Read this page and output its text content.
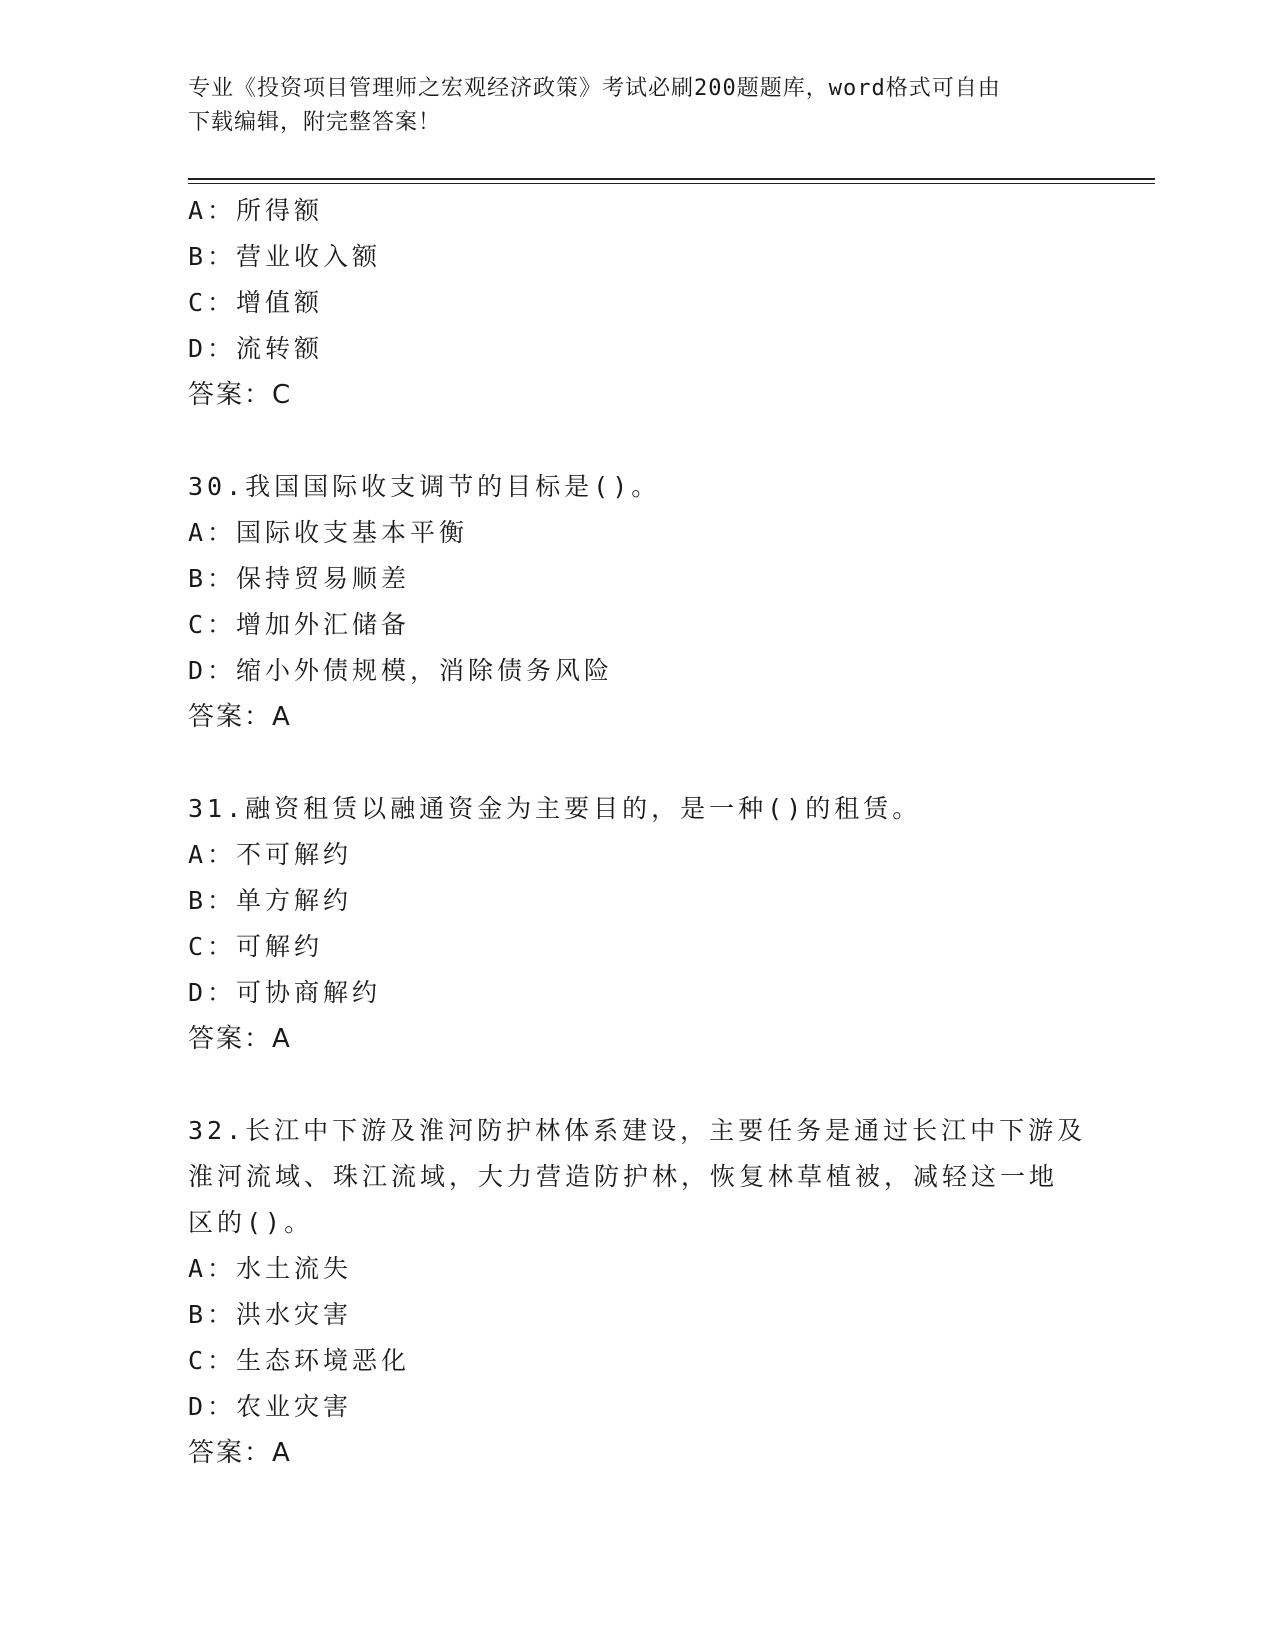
专业《投资项目管理师之宏观经济政策》考试必刷200题题库，word格式可自由
下载编辑，附完整答案！
A：所得额
B：营业收入额
C：增值额
D：流转额
答案：C
30.我国国际收支调节的目标是()。
A：国际收支基本平衡
B：保持贸易顺差
C：增加外汇储备
D：缩小外债规模，消除债务风险
答案：A
31.融资租赁以融通资金为主要目的，是一种()的租赁。
A：不可解约
B：单方解约
C：可解约
D：可协商解约
答案：A
32.长江中下游及淮河防护林体系建设，主要任务是通过长江中下游及
淮河流域、珠江流域，大力营造防护林，恢复林草植被，减轻这一地
区的()。
A：水土流失
B：洪水灾害
C：生态环境恶化
D：农业灾害
答案：A
